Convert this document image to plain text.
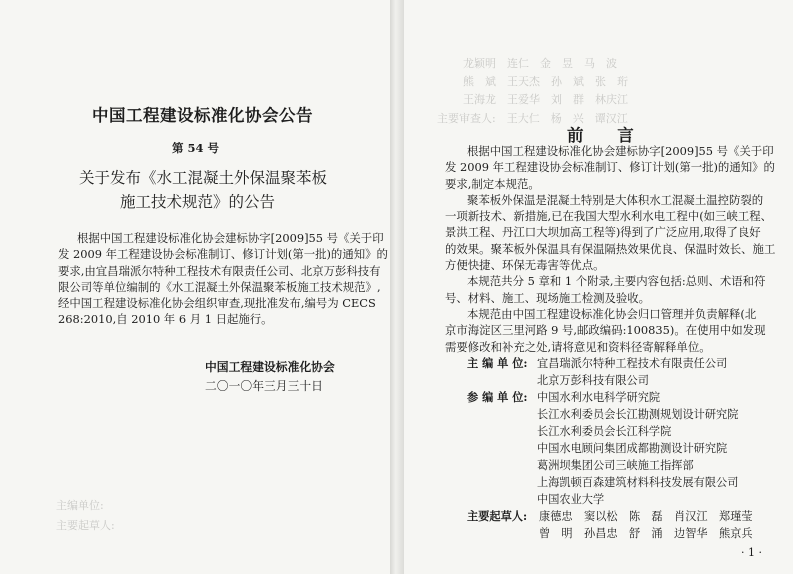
主要起草人:
主编单位:
中国工程建设标准化协会公告
第 54 号
关于发布《水工混凝土外保温聚苯板
施工技术规范》的公告
根据中国工程建设标准化协会建标协字[2009]55 号《关于印
发 2009 年工程建设协会标准制订、修订计划(第一批)的通知》的
要求,由宜昌瑞派尔特种工程技术有限责任公司、北京万彭科技有
限公司等单位编制的《水工混凝土外保温聚苯板施工技术规范》,
经中国工程建设标准化协会组织审查,现批准发布,编号为 CECS
268:2010,自 2010 年 6 月 1 日起施行。
中国工程建设标准化协会
二〇一〇年三月三十日
龙颖明　连仁　金　昱　马　波
熊　斌　王天杰　孙　斌　张　珩
王海龙　王爱华　刘　群　林庆江
主要审查人:　王大仁　杨　兴　谭汉江
前 言
根据中国工程建设标准化协会建标协字[2009]55 号《关于印
发 2009 年工程建设协会标准制订、修订计划(第一批)的通知》的
要求,制定本规范。
聚苯板外保温是混凝土特别是大体积水工混凝土温控防裂的
一项新技术、新措施,已在我国大型水利水电工程中(如三峡工程、
景洪工程、丹江口大坝加高工程等)得到了广泛应用,取得了良好
的效果。聚苯板外保温具有保温隔热效果优良、保温时效长、施工
方便快捷、环保无毒害等优点。
本规范共分 5 章和 1 个附录,主要内容包括:总则、术语和符
号、材料、施工、现场施工检测及验收。
本规范由中国工程建设标准化协会归口管理并负责解释(北
京市海淀区三里河路 9 号,邮政编码:100835)。在使用中如发现
需要修改和补充之处,请将意见和资料径寄解释单位。
主 编 单 位: 宜昌瑞派尔特种工程技术有限责任公司
北京万彭科技有限公司
参 编 单 位: 中国水利水电科学研究院
长江水利委员会长江勘测规划设计研究院
长江水利委员会长江科学院
中国水电顾问集团成都勘测设计研究院
葛洲坝集团公司三峡施工指挥部
上海凯顿百森建筑材料科技发展有限公司
中国农业大学
主要起草人: 康德忠 窦以松 陈　磊 肖汉江 郑瑾莹
曾　明 孙昌忠 舒　涌 边智华 熊京兵
· 1 ·
